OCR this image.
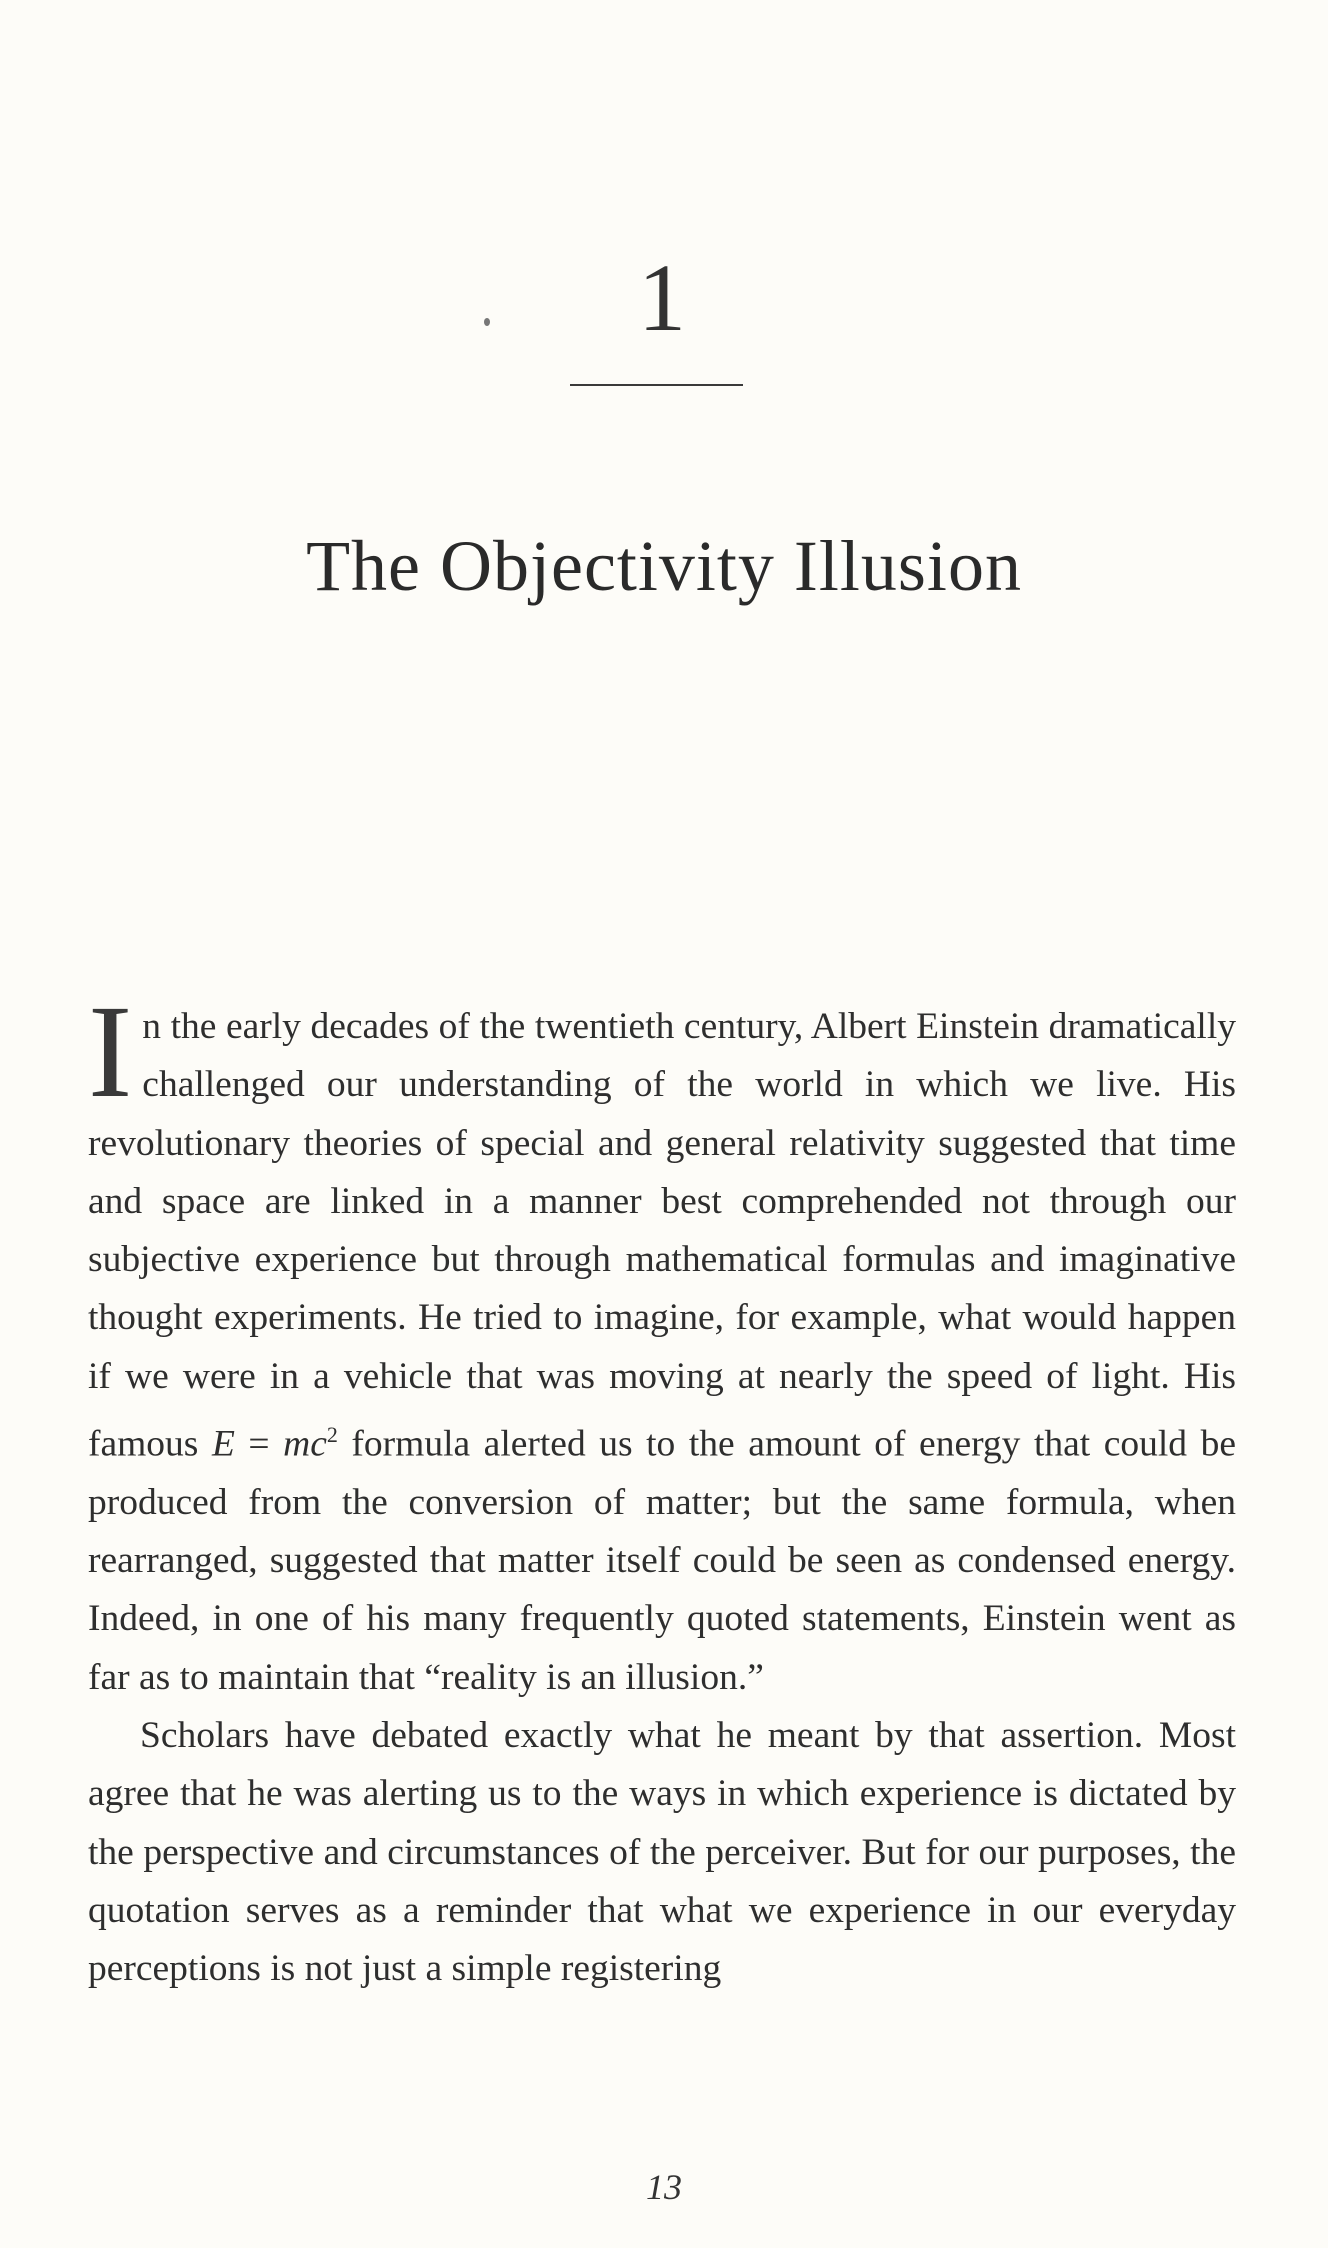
1
The Objectivity Illusion

In the early decades of the twentieth century, Albert Einstein dramatically challenged our understanding of the world in which we live. His revolutionary theories of special and general relativity suggested that time and space are linked in a manner best comprehended not through our subjective experience but through mathematical formulas and imaginative thought experiments. He tried to imagine, for example, what would happen if we were in a vehicle that was moving at nearly the speed of light. His famous $E = mc^2$ formula alerted us to the amount of energy that could be produced from the conversion of matter; but the same formula, when rearranged, suggested that matter itself could be seen as condensed energy. Indeed, in one of his many frequently quoted statements, Einstein went as far as to maintain that “reality is an illusion.”

Scholars have debated exactly what he meant by that assertion. Most agree that he was alerting us to the ways in which experience is dictated by the perspective and circumstances of the perceiver. But for our purposes, the quotation serves as a reminder that what we experience in our everyday perceptions is not just a simple registering

13
